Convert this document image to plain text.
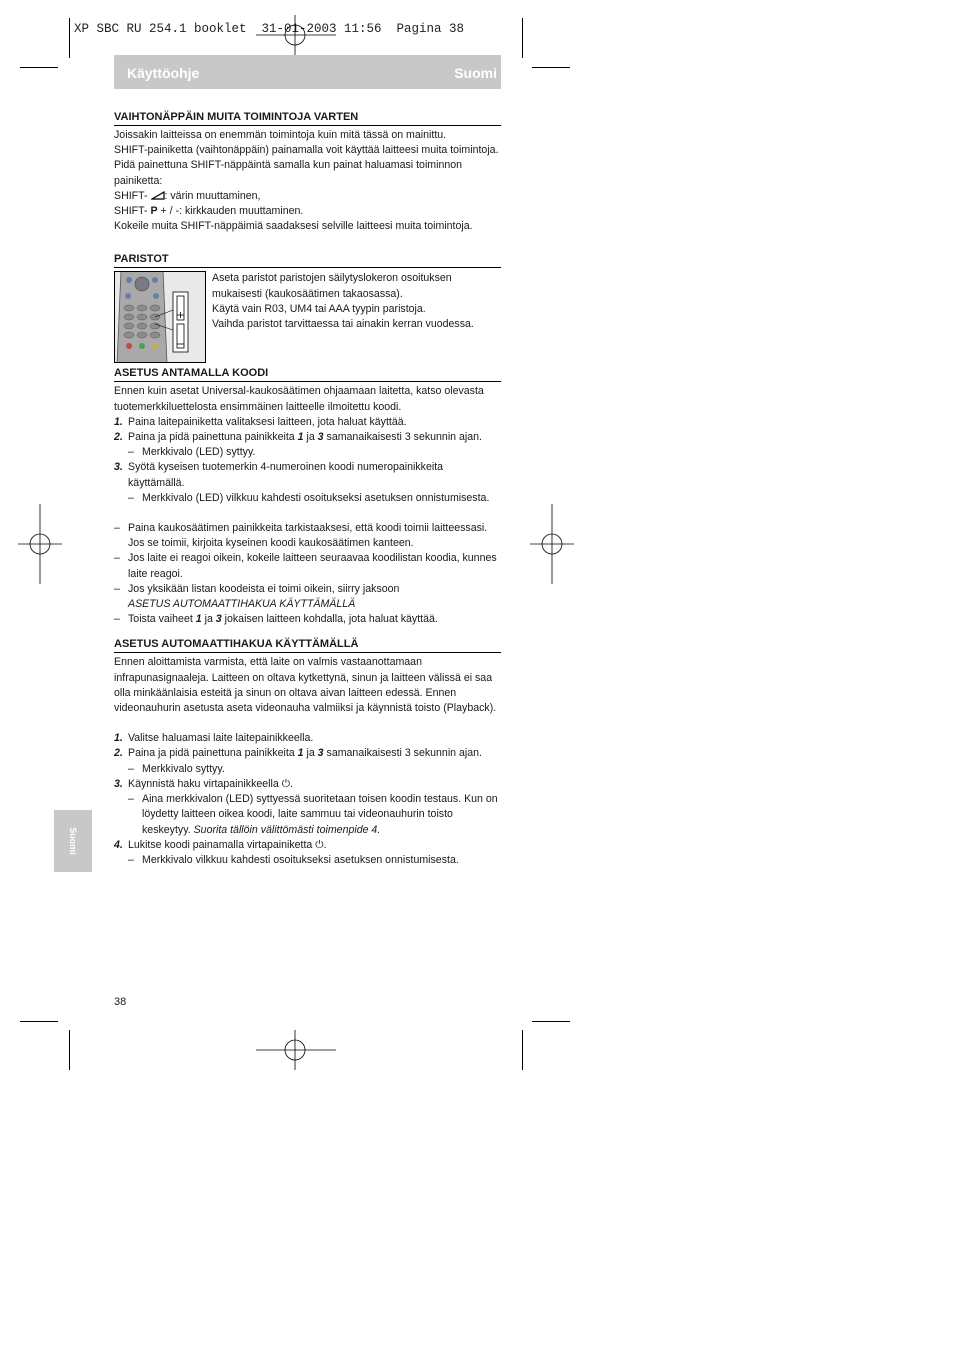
XP SBC RU 254.1 booklet  31-01-2003 11:56  Pagina 38
Käyttöohje	Suomi
VAIHTONÄPPÄIN MUITA TOIMINTOJA VARTEN

Joissakin laitteissa on enemmän toimintoja kuin mitä tässä on mainittu.

SHIFT-painiketta (vaihtonäppäin) painamalla voit käyttää laitteesi muita toimintoja.

Pidä painettuna SHIFT-näppäintä samalla kun painat haluamasi toiminnon painiketta:

SHIFT- : värin muuttaminen,

SHIFT- P + / -: kirkkauden muuttaminen.

Kokeile muita SHIFT-näppäimiä saadaksesi selville laitteesi muita toimintoja.

PARISTOT

Aseta paristot paristojen säilytyslokeron osoituksen mukaisesti (kaukosäätimen takaosassa).

Käytä vain R03, UM4 tai AAA tyypin paristoja.

Vaihda paristot tarvittaessa tai ainakin kerran vuodessa.

ASETUS ANTAMALLA KOODI

Ennen kuin asetat Universal-kaukosäätimen ohjaamaan laitetta, katso olevasta tuotemerkkiluettelosta ensimmäinen laitteelle ilmoitettu koodi.

1. Paina laitepainiketta valitaksesi laitteen, jota haluat käyttää.
2. Paina ja pidä painettuna painikkeita 1 ja 3 samanaikaisesti 3 sekunnin ajan.
– Merkkivalo (LED) syttyy.
3. Syötä kyseisen tuotemerkin 4-numeroinen koodi numeropainikkeita käyttämällä.
– Merkkivalo (LED) vilkkuu kahdesti osoitukseksi asetuksen onnistumisesta.
– Paina kaukosäätimen painikkeita tarkistaaksesi, että koodi toimii laitteessasi. Jos se toimii, kirjoita kyseinen koodi kaukosäätimen kanteen.
– Jos laite ei reagoi oikein, kokeile laitteen seuraavaa koodilistan koodia, kunnes laite reagoi.
– Jos yksikään listan koodeista ei toimi oikein, siirry jaksoon
ASETUS AUTOMAATTIHAKUA KÄYTTÄMÄLLÄ
– Toista vaiheet 1 ja 3 jokaisen laitteen kohdalla, jota haluat käyttää.
ASETUS AUTOMAATTIHAKUA KÄYTTÄMÄLLÄ

Ennen aloittamista varmista, että laite on valmis vastaanottamaan infrapunasignaaleja. Laitteen on oltava kytkettynä, sinun ja laitteen välissä ei saa olla minkäänlaisia esteitä ja sinun on oltava aivan laitteen edessä. Ennen videonauhurin asetusta aseta videonauha valmiiksi ja käynnistä toisto (Playback).

1. Valitse haluamasi laite laitepainikkeella.
2. Paina ja pidä painettuna painikkeita 1 ja 3 samanaikaisesti 3 sekunnin ajan.
– Merkkivalo syttyy.
3. Käynnistä haku virtapainikkeella ⏻.
– Aina merkkivalon (LED) syttyessä suoritetaan toisen koodin testaus. Kun on löydetty laitteen oikea koodi, laite sammuu tai videonauhurin toisto keskeytyy. Suorita tällöin välittömästi toimenpide 4.
4. Lukitse koodi painamalla virtapainiketta ⏻.
– Merkkivalo vilkkuu kahdesti osoitukseksi asetuksen onnistumisesta.
Suomi
38
